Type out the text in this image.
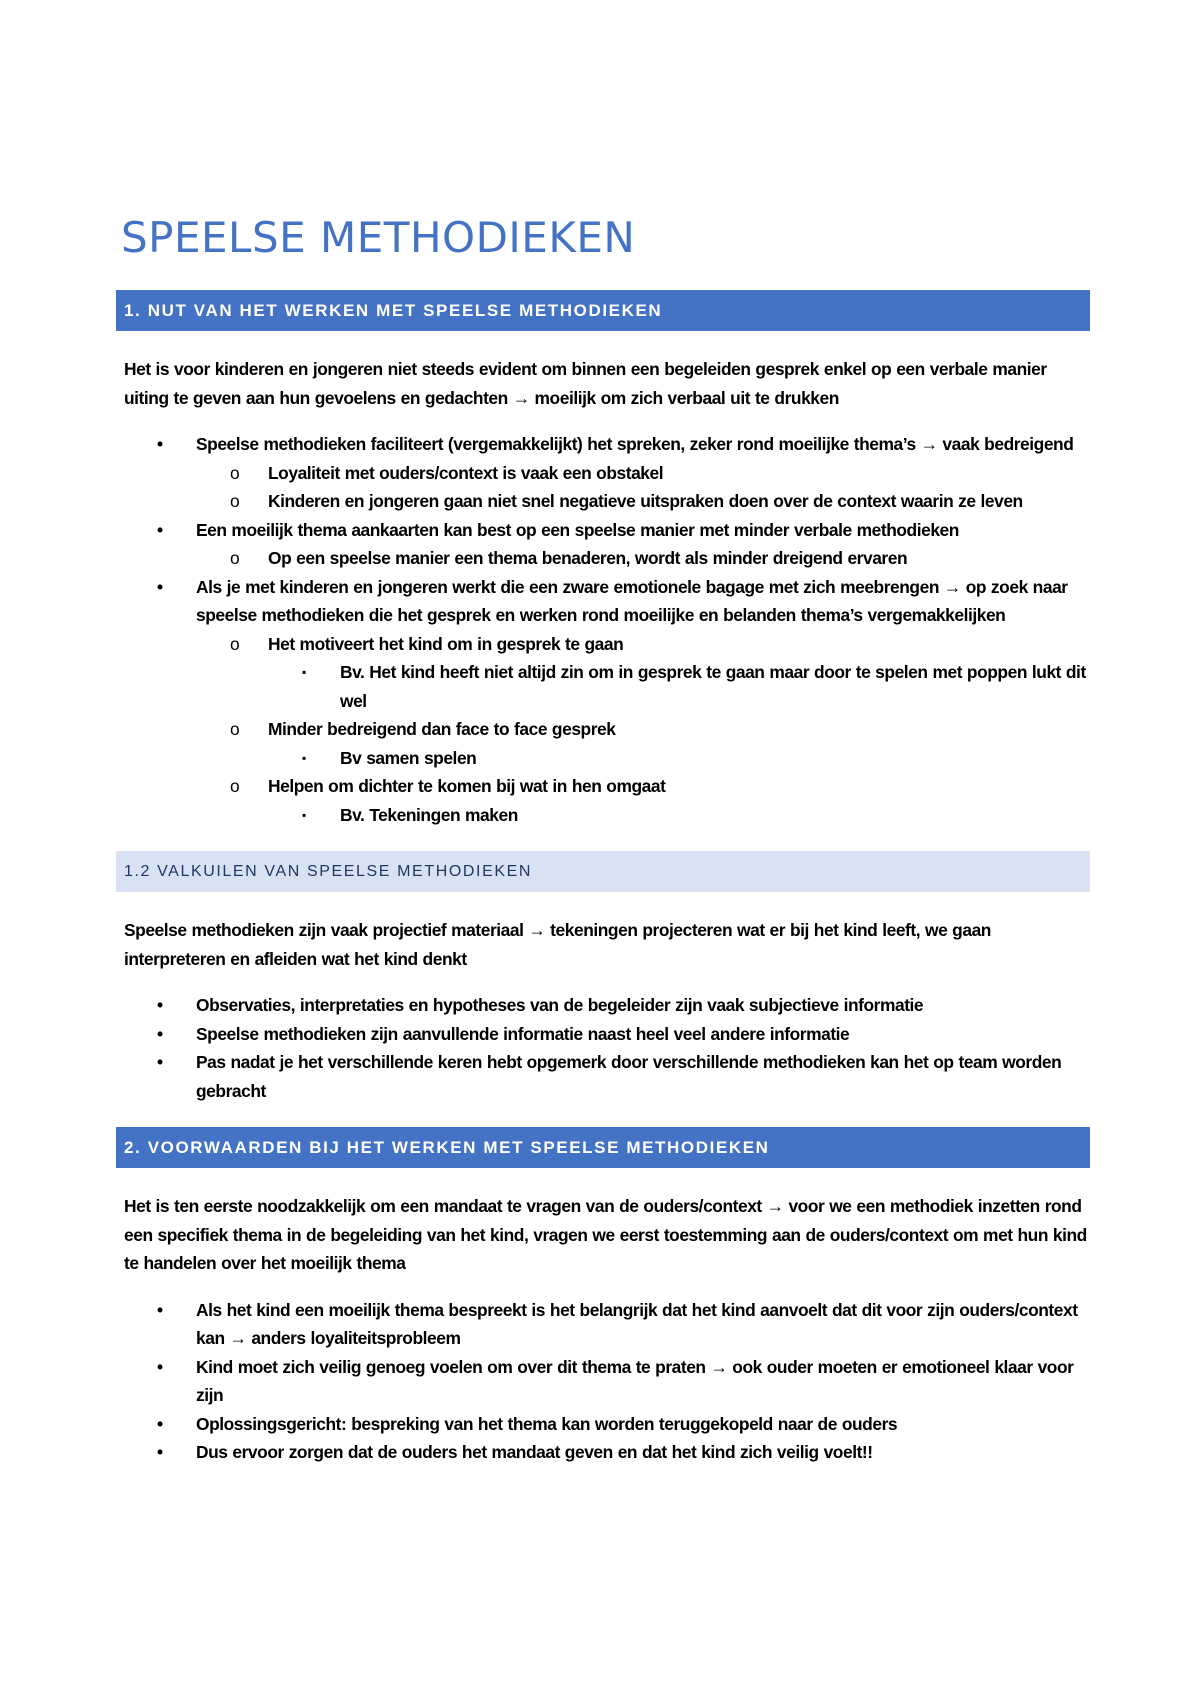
SPEELSE METHODIEKEN
1. NUT VAN HET WERKEN MET SPEELSE METHODIEKEN

Het is voor kinderen en jongeren niet steeds evident om binnen een begeleiden gesprek enkel op een verbale manier uiting te geven aan hun gevoelens en gedachten → moeilijk om zich verbaal uit te drukken

• Speelse methodieken faciliteert (vergemakkelijkt) het spreken, zeker rond moeilijke thema’s → vaak bedreigend
o Loyaliteit met ouders/context is vaak een obstakel
o Kinderen en jongeren gaan niet snel negatieve uitspraken doen over de context waarin ze leven
• Een moeilijk thema aankaarten kan best op een speelse manier met minder verbale methodieken
o Op een speelse manier een thema benaderen, wordt als minder dreigend ervaren
• Als je met kinderen en jongeren werkt die een zware emotionele bagage met zich meebrengen → op zoek naar speelse methodieken die het gesprek en werken rond moeilijke en belanden thema’s vergemakkelijken
o Het motiveert het kind om in gesprek te gaan
▪ Bv. Het kind heeft niet altijd zin om in gesprek te gaan maar door te spelen met poppen lukt dit wel
o Minder bedreigend dan face to face gesprek
▪ Bv samen spelen
o Helpen om dichter te komen bij wat in hen omgaat
▪ Bv. Tekeningen maken
1.2 VALKUILEN VAN SPEELSE METHODIEKEN

Speelse methodieken zijn vaak projectief materiaal → tekeningen projecteren wat er bij het kind leeft, we gaan interpreteren en afleiden wat het kind denkt

• Observaties, interpretaties en hypotheses van de begeleider zijn vaak subjectieve informatie
• Speelse methodieken zijn aanvullende informatie naast heel veel andere informatie
• Pas nadat je het verschillende keren hebt opgemerk door verschillende methodieken kan het op team worden gebracht
2. VOORWAARDEN BIJ HET WERKEN MET SPEELSE METHODIEKEN

Het is ten eerste noodzakkelijk om een mandaat te vragen van de ouders/context → voor we een methodiek inzetten rond een specifiek thema in de begeleiding van het kind, vragen we eerst toestemming aan de ouders/context om met hun kind te handelen over het moeilijk thema

• Als het kind een moeilijk thema bespreekt is het belangrijk dat het kind aanvoelt dat dit voor zijn ouders/context kan → anders loyaliteitsprobleem
• Kind moet zich veilig genoeg voelen om over dit thema te praten → ook ouder moeten er emotioneel klaar voor zijn
• Oplossingsgericht: bespreking van het thema kan worden teruggekopeld naar de ouders
• Dus ervoor zorgen dat de ouders het mandaat geven en dat het kind zich veilig voelt!!
